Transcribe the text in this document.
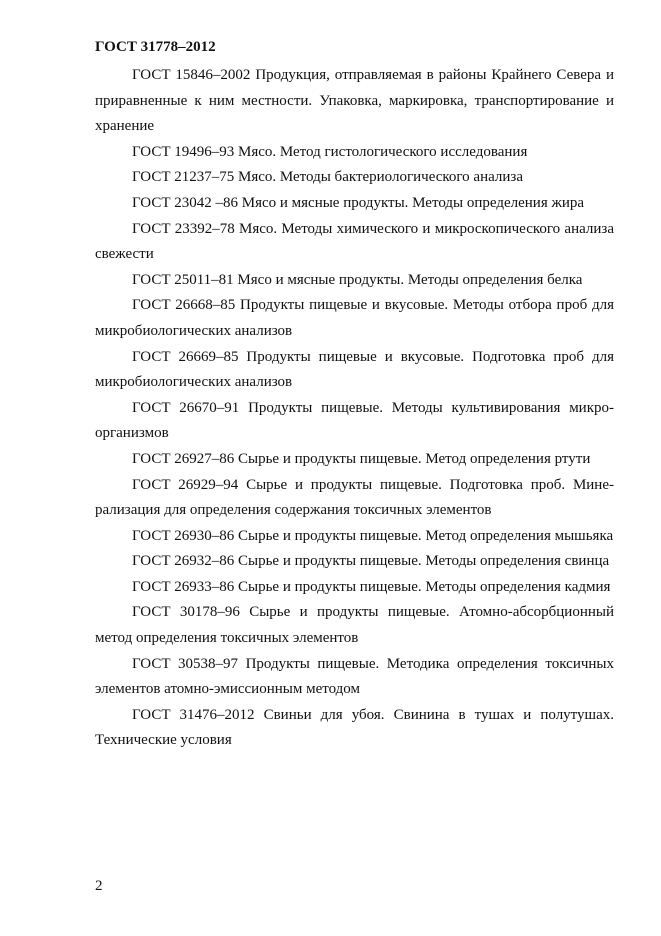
ГОСТ 31778–2012

ГОСТ 15846–2002 Продукция, отправляемая в районы Крайнего Севера и приравненные к ним местности. Упаковка, маркировка, транспортирование и хранение

ГОСТ 19496–93 Мясо. Метод гистологического исследования

ГОСТ 21237–75 Мясо. Методы бактериологического анализа

ГОСТ 23042 –86 Мясо и мясные продукты. Методы определения жира

ГОСТ 23392–78 Мясо. Методы химического и микроскопического анализа свежести

ГОСТ 25011–81 Мясо и мясные продукты. Методы определения белка

ГОСТ 26668–85 Продукты пищевые и вкусовые. Методы отбора проб для микробиологических анализов

ГОСТ 26669–85 Продукты пищевые и вкусовые. Подготовка проб для микробиологических анализов

ГОСТ 26670–91 Продукты пищевые. Методы культивирования микроорганизмов

ГОСТ 26927–86 Сырье и продукты пищевые. Метод определения ртути

ГОСТ 26929–94 Сырье и продукты пищевые. Подготовка проб. Минерализация для определения содержания токсичных элементов

ГОСТ 26930–86 Сырье и продукты пищевые. Метод определения мышьяка

ГОСТ 26932–86 Сырье и продукты пищевые. Методы определения свинца

ГОСТ 26933–86 Сырье и продукты пищевые. Методы определения кадмия

ГОСТ 30178–96 Сырье и продукты пищевые. Атомно-абсорбционный метод определения токсичных элементов

ГОСТ 30538–97 Продукты пищевые. Методика определения токсичных элементов атомно-эмиссионным методом

ГОСТ 31476–2012 Свиньи для убоя. Свинина в тушах и полутушах. Технические условия

2
